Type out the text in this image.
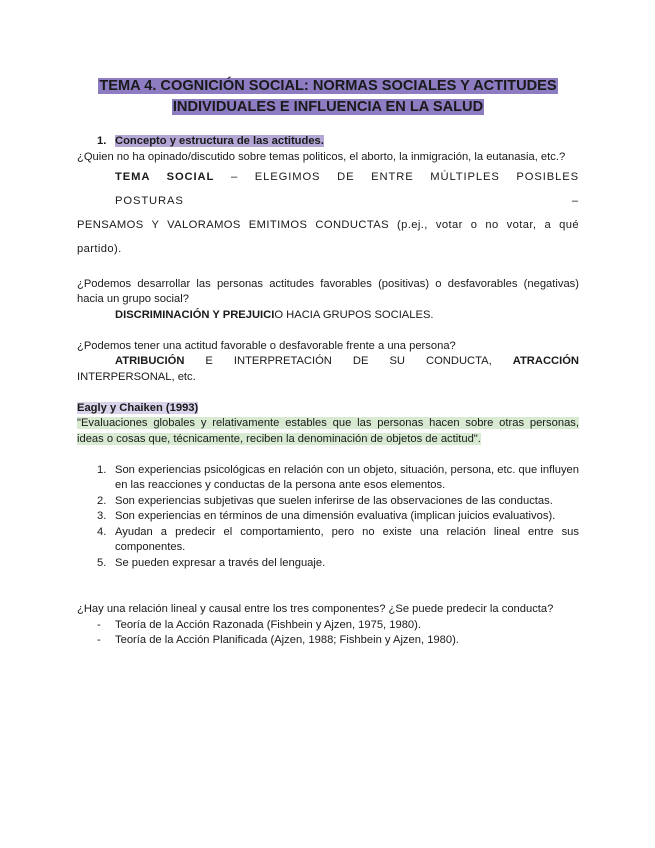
TEMA 4. COGNICIÓN SOCIAL: NORMAS SOCIALES Y ACTITUDES
INDIVIDUALES E INFLUENCIA EN LA SALUD
1. Concepto y estructura de las actitudes.

¿Quien no ha opinado/discutido sobre temas politicos, el aborto, la inmigración, la eutanasia, etc.?

TEMA SOCIAL – ELEGIMOS DE ENTRE MÚLTIPLES POSIBLES POSTURAS –

PENSAMOS Y VALORAMOS EMITIMOS CONDUCTAS (p.ej., votar o no votar, a qué partido).

¿Podemos desarrollar las personas actitudes favorables (positivas) o desfavorables (negativas) hacia un grupo social?

DISCRIMINACIÓN Y PREJUICIO HACIA GRUPOS SOCIALES.

¿Podemos tener una actitud favorable o desfavorable frente a una persona?

ATRIBUCIÓN E INTERPRETACIÓN DE SU CONDUCTA, ATRACCIÓN

INTERPERSONAL, etc.

Eagly y Chaiken (1993)

"Evaluaciones globales y relativamente estables que las personas hacen sobre otras personas, ideas o cosas que, técnicamente, reciben la denominación de objetos de actitud".

1. Son experiencias psicológicas en relación con un objeto, situación, persona, etc. que influyen en las reacciones y conductas de la persona ante esos elementos.
2. Son experiencias subjetivas que suelen inferirse de las observaciones de las conductas.
3. Son experiencias en términos de una dimensión evaluativa (implican juicios evaluativos).
4. Ayudan a predecir el comportamiento, pero no existe una relación lineal entre sus componentes.
5. Se pueden expresar a través del lenguaje.

¿Hay una relación lineal y causal entre los tres componentes? ¿Se puede predecir la conducta?

- Teoría de la Acción Razonada (Fishbein y Ajzen, 1975, 1980).
- Teoría de la Acción Planificada (Ajzen, 1988; Fishbein y Ajzen, 1980).
